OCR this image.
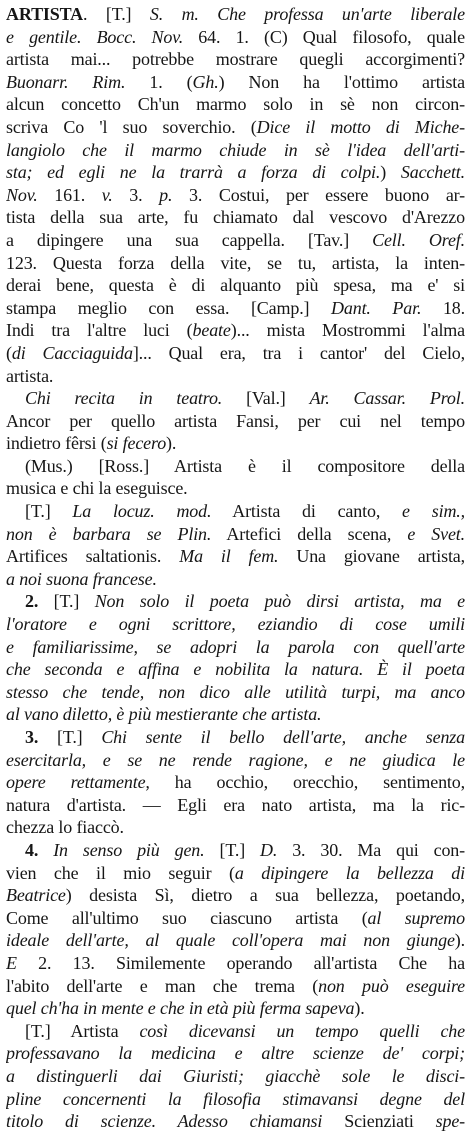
ARTISTA. [T.] S. m. Che professa un'arte liberale
e gentile. Bocc. Nov. 64. 1. (C) Qual filosofo, quale
artista mai... potrebbe mostrare quegli accorgimenti?
Buonarr. Rim. 1. (Gh.) Non ha l'ottimo artista
alcun concetto Ch'un marmo solo in sè non circon-
scriva Co 'l suo soverchio. (Dice il motto di Miche-
langiolo che il marmo chiude in sè l'idea dell'arti-
sta; ed egli ne la trarrà a forza di colpi.) Sacchett.
Nov. 161. v. 3. p. 3. Costui, per essere buono ar-
tista della sua arte, fu chiamato dal vescovo d'Arezzo
a dipingere una sua cappella. [Tav.] Cell. Oref.
123. Questa forza della vite, se tu, artista, la inten-
derai bene, questa è di alquanto più spesa, ma e' si
stampa meglio con essa. [Camp.] Dant. Par. 18.
Indi tra l'altre luci (beate)... mista Mostrommi l'alma
(di Cacciaguida]... Qual era, tra i cantor' del Cielo,
artista.
Chi recita in teatro. [Val.] Ar. Cassar. Prol.
Ancor per quello artista Fansi, per cui nel tempo
indietro fêrsi (si fecero).
(Mus.) [Ross.] Artista è il compositore della
musica e chi la eseguisce.
[T.] La locuz. mod. Artista di canto, e sim.,
non è barbara se Plin. Artefici della scena, e Svet.
Artifices saltationis. Ma il fem. Una giovane artista,
a noi suona francese.
2. [T.] Non solo il poeta può dirsi artista, ma e
l'oratore e ogni scrittore, eziandio di cose umili
e familiarissime, se adopri la parola con quell'arte
che seconda e affina e nobilita la natura. È il poeta
stesso che tende, non dico alle utilità turpi, ma anco
al vano diletto, è più mestierante che artista.
3. [T.] Chi sente il bello dell'arte, anche senza
esercitarla, e se ne rende ragione, e ne giudica le
opere rettamente, ha occhio, orecchio, sentimento,
natura d'artista. — Egli era nato artista, ma la ric-
chezza lo fiaccò.
4. In senso più gen. [T.] D. 3. 30. Ma qui con-
vien che il mio seguir (a dipingere la bellezza di
Beatrice) desista Sì, dietro a sua bellezza, poetando,
Come all'ultimo suo ciascuno artista (al supremo
ideale dell'arte, al quale coll'opera mai non giunge).
E 2. 13. Similemente operando all'artista Che ha
l'abito dell'arte e man che trema (non può eseguire
quel ch'ha in mente e che in età più ferma sapeva).
[T.] Artista così dicevansi un tempo quelli che
professavano la medicina e altre scienze de' corpi;
a distinguerli dai Giuristi; giacchè sole le disci-
pline concernenti la filosofia stimavansi degne del
titolo di scienze. Adesso chiamansi Scienziati spe-
